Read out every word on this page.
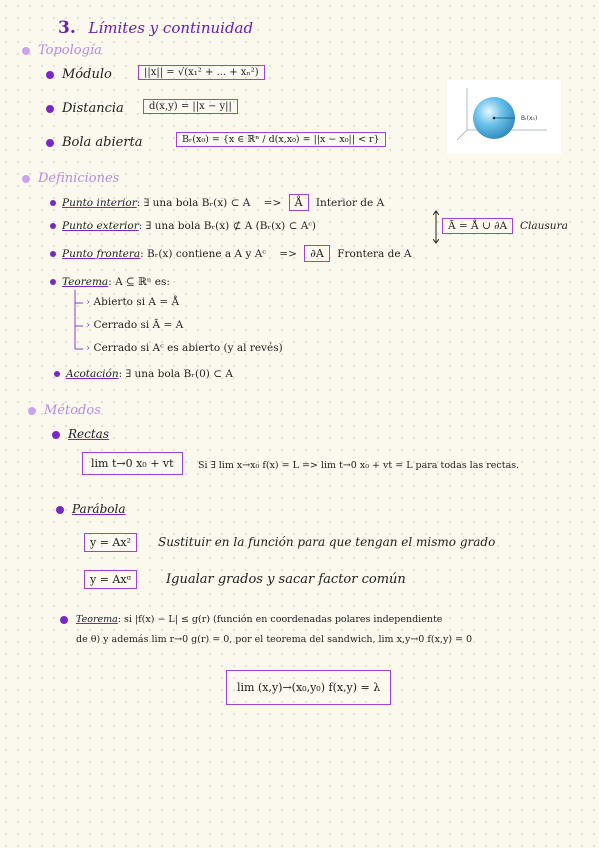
3. Límites y continuidad
Topología
Módulo	||x|| = √(x₁² + ... + xₙ²)
Distancia	d(x,y) = ||x − y||
Bola abierta	Bᵣ(x₀) = {x ∈ ℝⁿ / d(x,x₀) = ||x − x₀|| < r}
Bᵣ(x₀)
Definiciones
Punto interior: ∃ una bola Bᵣ(x) ⊂ A => Å Interior de A
Punto exterior: ∃ una bola Bᵣ(x) ⊄ A (Bᵣ(x) ⊂ Aᶜ)	Ā = Å ∪ ∂A	Clausura
Punto frontera: Bᵣ(x) contiene a A y Aᶜ => ∂A Frontera de A
Teorema: A ⊆ ℝⁿ es:
› Abierto si A = Å
› Cerrado si Ā = A
› Cerrado si Aᶜ es abierto (y al revés)
Acotación: ∃ una bola Bᵣ(0) ⊂ A
Métodos
Rectas
lim t→0 x₀ + vt	Si ∃ lim x→x₀ f(x) = L => lim t→0 x₀ + vt = L para todas las rectas.
Parábola
y = Ax²	Sustituir en la función para que tengan el mismo grado
y = Axᵅ	Igualar grados y sacar factor común
Teorema: si |f(x) − L| ≤ g(r) (función en coordenadas polares independiente
de θ) y además lim r→0 g(r) = 0, por el teorema del sandwich, lim x,y→0 f(x,y) = 0
lim (x,y)→(x₀,y₀) f(x,y) = λ
